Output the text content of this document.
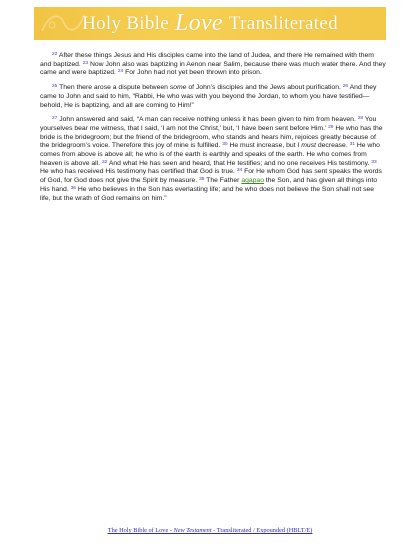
Holy Bible Love Transliterated

$^{22}$ After these things Jesus and His disciples came into the land of Judea, and there He remained with them and baptized. $^{23}$ Now John also was baptizing in Aenon near Salim, because there was much water there. And they came and were baptized. $^{24}$ For John had not yet been thrown into prison.

$^{25}$ Then there arose a dispute between some of John’s disciples and the Jews about purification. $^{26}$ And they came to John and said to him, “Rabbi, He who was with you beyond the Jordan, to whom you have testified—behold, He is baptizing, and all are coming to Him!”

$^{27}$ John answered and said, “A man can receive nothing unless it has been given to him from heaven. $^{28}$ You yourselves bear me witness, that I said, ‘I am not the Christ,’ but, ‘I have been sent before Him.’ $^{29}$ He who has the bride is the bridegroom; but the friend of the bridegroom, who stands and hears him, rejoices greatly because of the bridegroom’s voice. Therefore this joy of mine is fulfilled. $^{30}$ He must increase, but I must decrease. $^{31}$ He who comes from above is above all; he who is of the earth is earthly and speaks of the earth. He who comes from heaven is above all. $^{32}$ And what He has seen and heard, that He testifies; and no one receives His testimony. $^{33}$ He who has received His testimony has certified that God is true. $^{34}$ For He whom God has sent speaks the words of God, for God does not give the Spirit by measure. $^{35}$ The Father agapao the Son, and has given all things into His hand. $^{36}$ He who believes in the Son has everlasting life; and he who does not believe the Son shall not see life, but the wrath of God remains on him.”

The Holy Bible of Love - New Testament - Transliterated / Expounded (HBLT/E)
